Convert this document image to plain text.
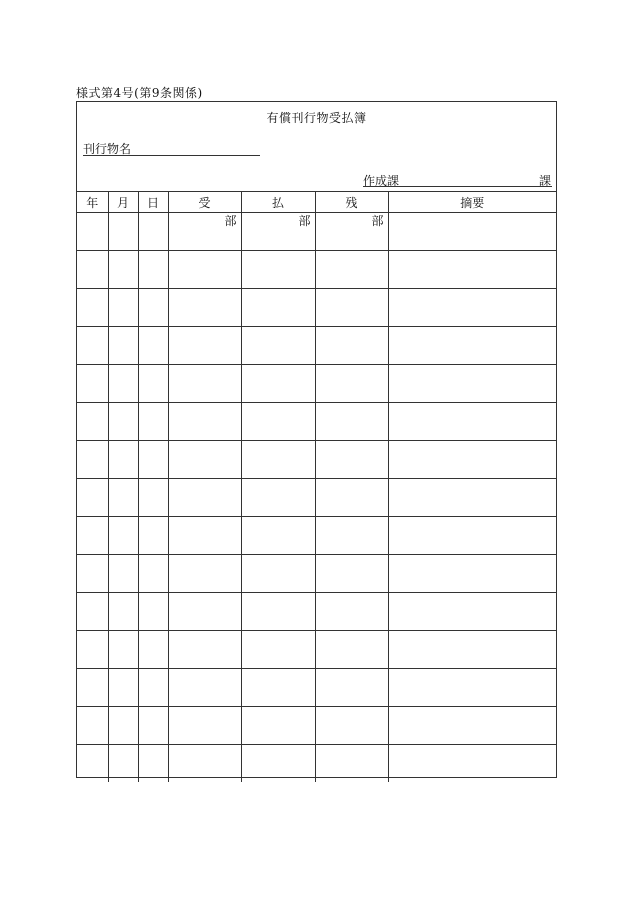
様式第4号(第9条関係)
有償刊行物受払簿
刊行物名
作成課	課
年	月	日	受	払	残	摘要

			部	部	部	
